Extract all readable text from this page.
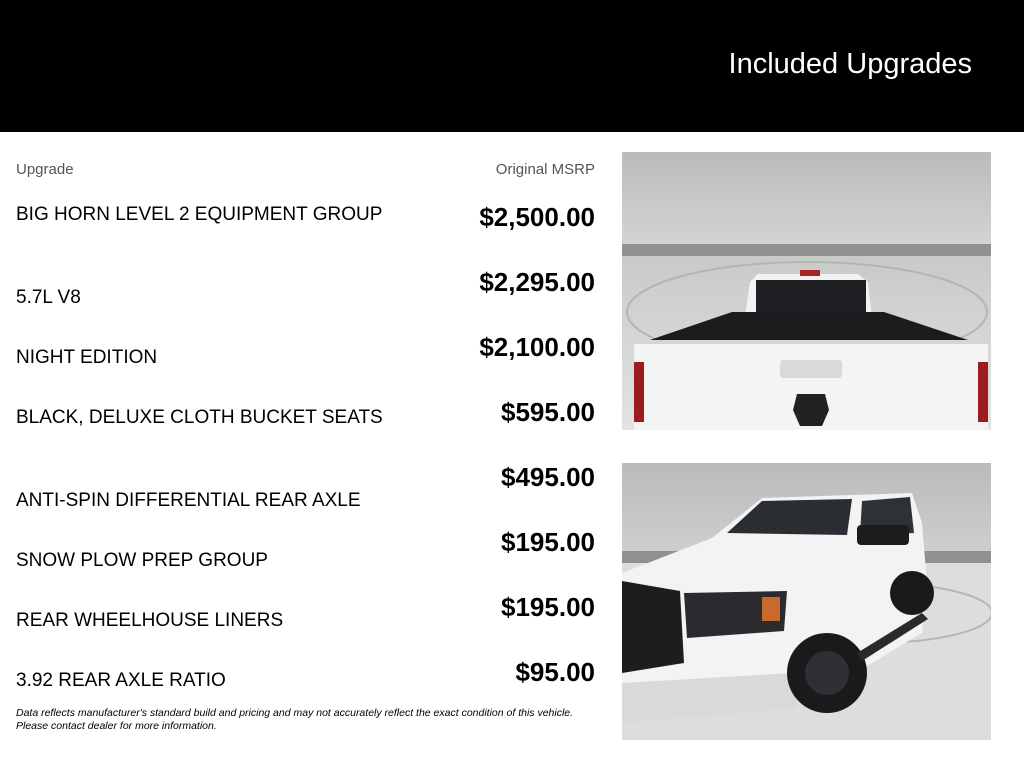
Included Upgrades
Upgrade	Original MSRP
BIG HORN LEVEL 2 EQUIPMENT GROUP
5.7L V8
NIGHT EDITION
BLACK, DELUXE CLOTH BUCKET SEATS
ANTI-SPIN DIFFERENTIAL REAR AXLE
SNOW PLOW PREP GROUP
REAR WHEELHOUSE LINERS
3.92 REAR AXLE RATIO
$2,500.00
$2,295.00
$2,100.00
$595.00
$495.00
$195.00
$195.00
$95.00
Data reflects manufacturer's standard build and pricing and may not accurately reflect the exact condition of this vehicle. Please contact dealer for more information.
